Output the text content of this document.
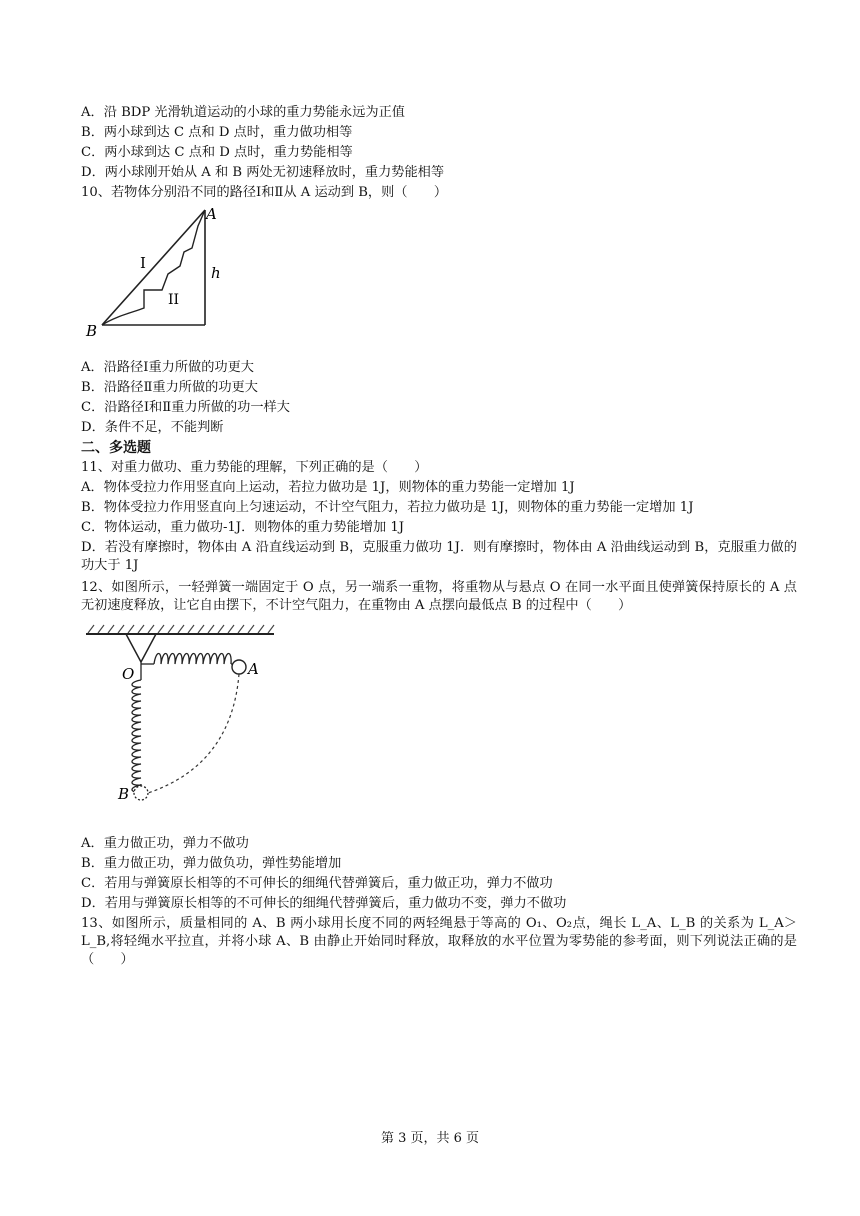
A．沿 BDP 光滑轨道运动的小球的重力势能永远为正值
B．两小球到达 C 点和 D 点时，重力做功相等
C．两小球到达 C 点和 D 点时，重力势能相等
D．两小球刚开始从 A 和 B 两处无初速释放时，重力势能相等
10、若物体分别沿不同的路径Ⅰ和Ⅱ从 A 运动到 B，则（　　）
A
B
h
I
II
A．沿路径Ⅰ重力所做的功更大
B．沿路径Ⅱ重力所做的功更大
C．沿路径Ⅰ和Ⅱ重力所做的功一样大
D．条件不足，不能判断
二、多选题
11、对重力做功、重力势能的理解，下列正确的是（　　）
A．物体受拉力作用竖直向上运动，若拉力做功是 1J，则物体的重力势能一定增加 1J
B．物体受拉力作用竖直向上匀速运动，不计空气阻力，若拉力做功是 1J，则物体的重力势能一定增加 1J
C．物体运动，重力做功-1J．则物体的重力势能增加 1J
D．若没有摩擦时，物体由 A 沿直线运动到 B，克服重力做功 1J．则有摩擦时，物体由 A 沿曲线运动到 B，克服重力做的功大于 1J
12、如图所示，一轻弹簧一端固定于 O 点，另一端系一重物，将重物从与悬点 O 在同一水平面且使弹簧保持原长的 A 点无初速度释放，让它自由摆下，不计空气阻力，在重物由 A 点摆向最低点 B 的过程中（　　）
O	A
B
A．重力做正功，弹力不做功
B．重力做正功，弹力做负功，弹性势能增加
C．若用与弹簧原长相等的不可伸长的细绳代替弹簧后，重力做正功，弹力不做功
D．若用与弹簧原长相等的不可伸长的细绳代替弹簧后，重力做功不变，弹力不做功
13、如图所示，质量相同的 A、B 两小球用长度不同的两轻绳悬于等高的 O₁、O₂点，绳长 L_A、L_B 的关系为 L_A＞L_B,将轻绳水平拉直，并将小球 A、B 由静止开始同时释放，取释放的水平位置为零势能的参考面，则下列说法正确的是（　　）
第 3 页，共 6 页
